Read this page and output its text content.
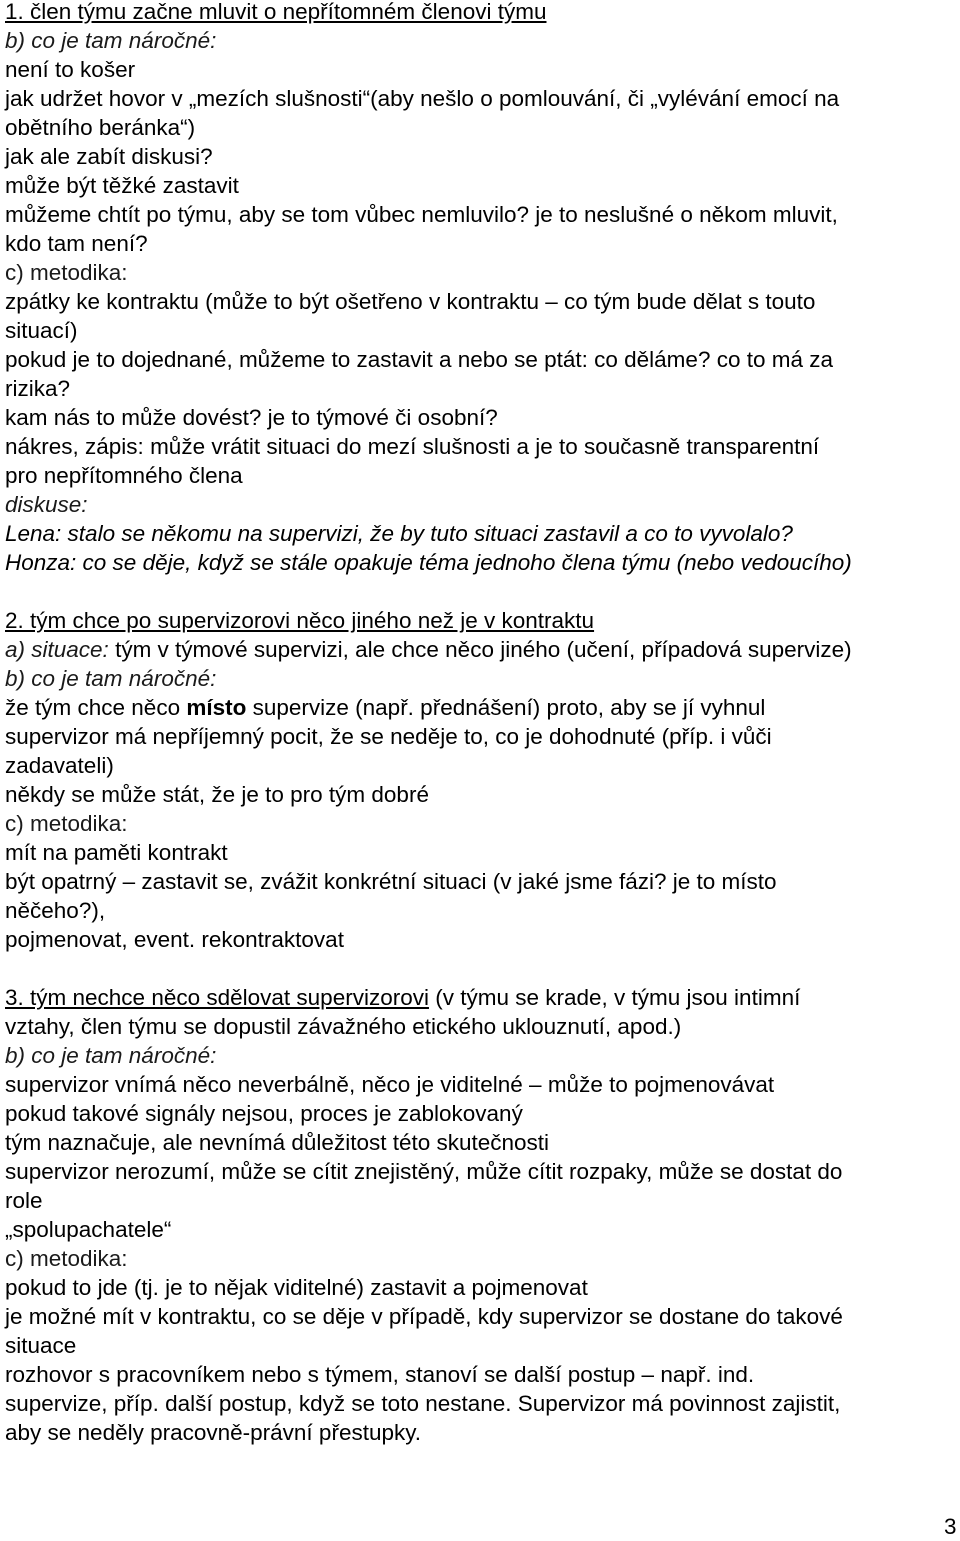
1. člen týmu začne mluvit o nepřítomném členovi týmu
b) co je tam náročné:
není to košer
jak udržet hovor v „mezích slušnosti“(aby nešlo o pomlouvání, či „vylévání emocí na
obětního beránka“)
jak ale zabít diskusi?
může být těžké zastavit
můžeme chtít po týmu, aby se tom vůbec nemluvilo? je to neslušné o někom mluvit,
kdo tam není?
c) metodika:
zpátky ke kontraktu (může to být ošetřeno v kontraktu – co tým bude dělat s touto
situací)
pokud je to dojednané, můžeme to zastavit a nebo se ptát: co děláme? co to má za
rizika?
kam nás to může dovést? je to týmové či osobní?
nákres, zápis: může vrátit situaci do mezí slušnosti a je to současně transparentní
pro nepřítomného člena
diskuse:
Lena: stalo se někomu na supervizi, že by tuto situaci zastavil a co to vyvolalo?
Honza: co se děje, když se stále opakuje téma jednoho člena týmu (nebo vedoucího)
2. tým chce po supervizorovi něco jiného než je v kontraktu
a) situace: tým v týmové supervizi, ale chce něco jiného (učení, případová supervize)
b) co je tam náročné:
že tým chce něco místo supervize (např. přednášení) proto, aby se jí vyhnul
supervizor má nepříjemný pocit, že se neděje to, co je dohodnuté (příp. i vůči
zadavateli)
někdy se může stát, že je to pro tým dobré
c) metodika:
mít na paměti kontrakt
být opatrný – zastavit se, zvážit konkrétní situaci (v jaké jsme fázi? je to místo
něčeho?),
pojmenovat, event. rekontraktovat
3. tým nechce něco sdělovat supervizorovi (v týmu se krade, v týmu jsou intimní
vztahy, člen týmu se dopustil závažného etického uklouznutí, apod.)
b) co je tam náročné:
supervizor vnímá něco neverbálně, něco je viditelné – může to pojmenovávat
pokud takové signály nejsou, proces je zablokovaný
tým naznačuje, ale nevnímá důležitost této skutečnosti
supervizor nerozumí, může se cítit znejistěný, může cítit rozpaky, může se dostat do
role
„spolupachatele“
c) metodika:
pokud to jde (tj. je to nějak viditelné) zastavit a pojmenovat
je možné mít v kontraktu, co se děje v případě, kdy supervizor se dostane do takové
situace
rozhovor s pracovníkem nebo s týmem, stanoví se další postup – např. ind.
supervize, příp. další postup, když se toto nestane. Supervizor má povinnost zajistit,
aby se neděly pracovně-právní přestupky.
3
